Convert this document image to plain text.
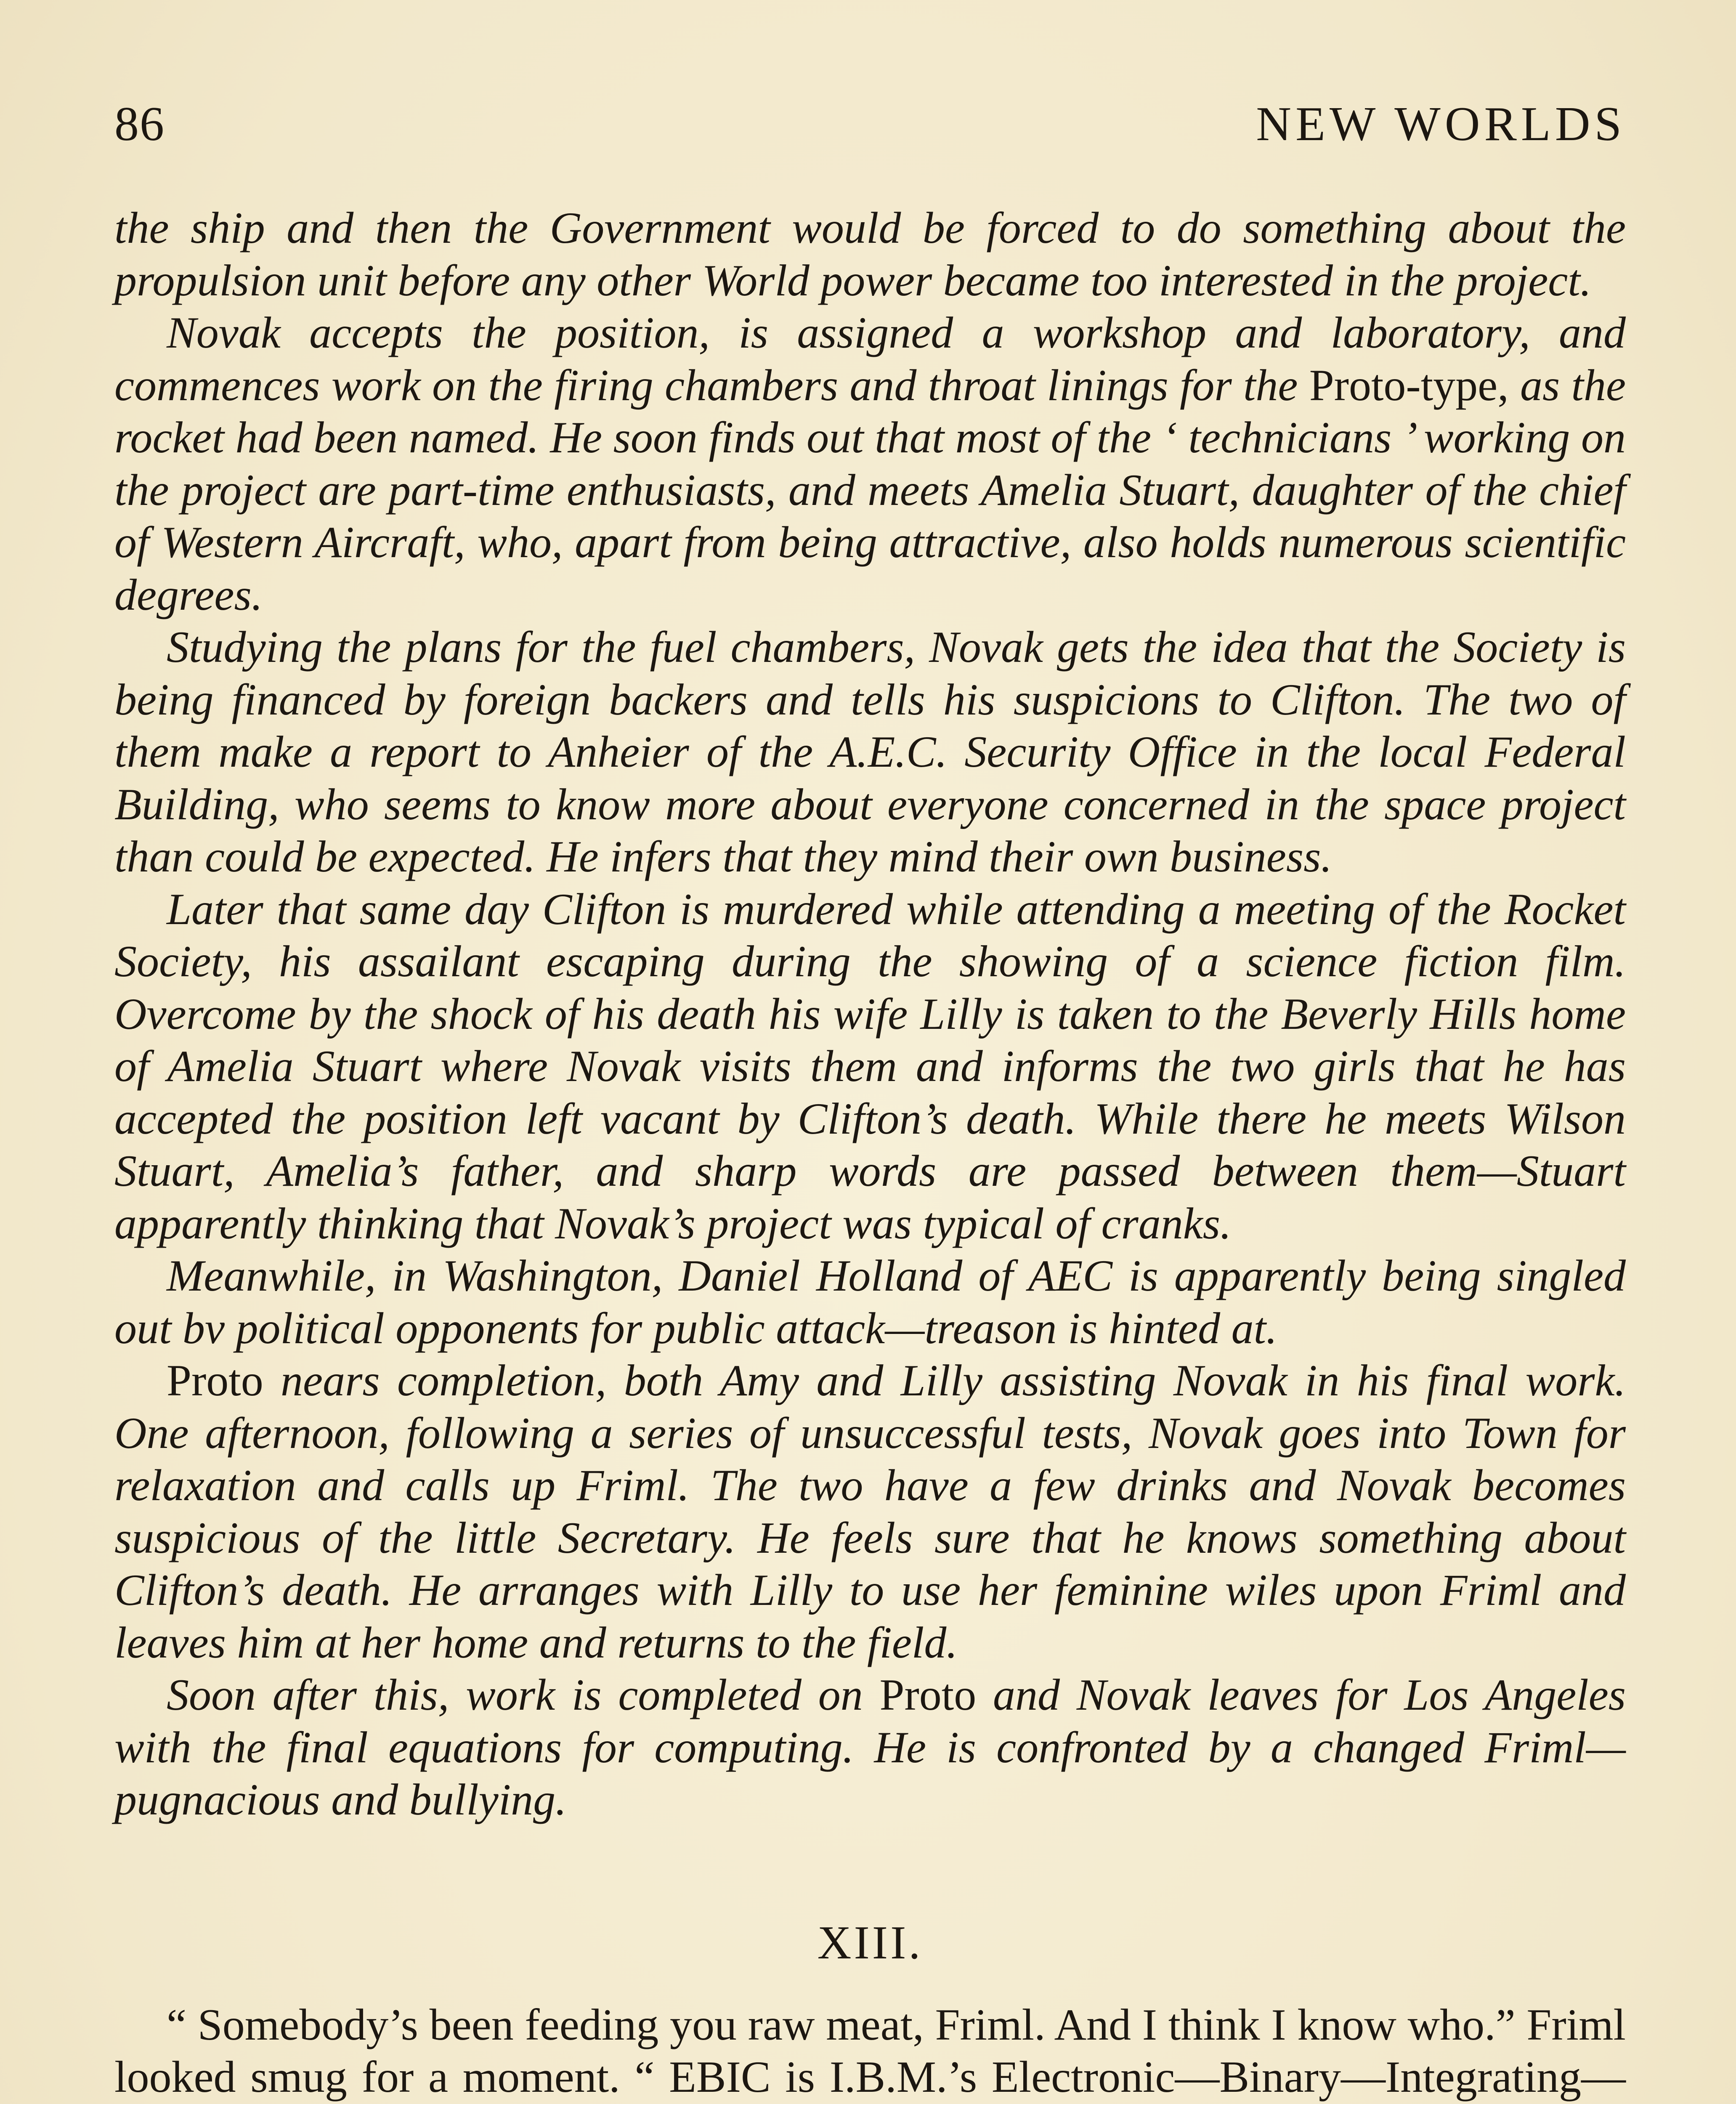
86	NEW WORLDS

the ship and then the Government would be forced to do something about the propulsion unit before any other World power became too interested in the project.

Novak accepts the position, is assigned a workshop and laboratory, and commences work on the firing chambers and throat linings for the Proto-type, as the rocket had been named. He soon finds out that most of the ‘ technicians ’ working on the project are part-time enthusiasts, and meets Amelia Stuart, daughter of the chief of Western Aircraft, who, apart from being attractive, also holds numerous scientific degrees.

Studying the plans for the fuel chambers, Novak gets the idea that the Society is being financed by foreign backers and tells his suspicions to Clifton. The two of them make a report to Anheier of the A.E.C. Security Office in the local Federal Building, who seems to know more about everyone concerned in the space project than could be expected. He infers that they mind their own business.

Later that same day Clifton is murdered while attending a meeting of the Rocket Society, his assailant escaping during the showing of a science fiction film. Overcome by the shock of his death his wife Lilly is taken to the Beverly Hills home of Amelia Stuart where Novak visits them and informs the two girls that he has accepted the position left vacant by Clifton’s death. While there he meets Wilson Stuart, Amelia’s father, and sharp words are passed between them—Stuart apparently thinking that Novak’s project was typical of cranks.

Meanwhile, in Washington, Daniel Holland of AEC is apparently being singled out bv political opponents for public attack—treason is hinted at.

Proto nears completion, both Amy and Lilly assisting Novak in his final work. One afternoon, following a series of unsuccessful tests, Novak goes into Town for relaxation and calls up Friml. The two have a few drinks and Novak becomes suspicious of the little Secretary. He feels sure that he knows something about Clifton’s death. He arranges with Lilly to use her feminine wiles upon Friml and leaves him at her home and returns to the field.

Soon after this, work is completed on Proto and Novak leaves for Los Angeles with the final equations for computing. He is confronted by a changed Friml—pugnacious and bullying.

XIII.

“ Somebody’s been feeding you raw meat, Friml. And I think I know who.” Friml looked smug for a moment. “ EBIC is I.B.M.’s Electronic—Binary—Integrating—
